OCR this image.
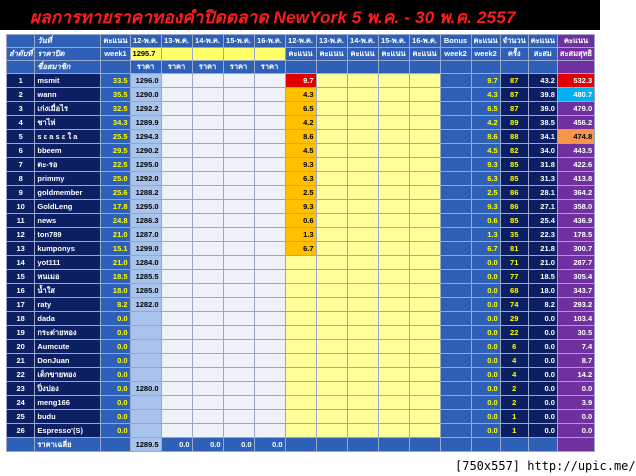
ผลการทายราคาทองคำปิดตลาด NewYork 5 พ.ค. - 30 พ.ค. 2557
	วันที่	คะแนน	12-พ.ค.	13-พ.ค.	14-พ.ค.	15-พ.ค.	16-พ.ค.	12-พ.ค.	13-พ.ค.	14-พ.ค.	15-พ.ค.	16-พ.ค.	Bonus	คะแนน	จำนวน	คะแนน	คะแนน
ลำดับที่	ราคาปิด	week1	1295.7					คะแนน	คะแนน	คะแนน	คะแนน	คะแนน	week2	week2	ครั้ง	สะสม	สะสมสุทธิ
	ชื่อสมาชิก		ราคา	ราคา	ราคา	ราคา	ราคา										
1	msmit	33.5	1296.0					9.7						9.7	87	43.2	532.3
2	wann	35.5	1290.0					4.3						4.3	87	39.8	480.7
3	เก่งเมื่อไร	32.5	1292.2					6.5						6.5	87	39.0	479.0
4	ชาไห่	34.3	1289.9					4.2						4.2	89	38.5	456.2
5	s ε a s ε ใ a	25.5	1294.3					8.6						8.6	88	34.1	474.8
6	bbeem	29.5	1290.2					4.5						4.5	82	34.0	443.5
7	ตะ-รอ	22.5	1295.0					9.3						9.3	85	31.8	422.6
8	primmy	25.0	1292.0					6.3						6.3	85	31.3	413.8
9	goldmember	25.6	1288.2					2.5						2.5	86	28.1	364.2
10	GoldLeng	17.8	1295.0					9.3						9.3	86	27.1	358.0
11	news	24.8	1286.3					0.6						0.6	85	25.4	436.9
12	ton789	21.0	1287.0					1.3						1.3	35	22.3	178.5
13	kumponys	15.1	1299.0					6.7						6.7	81	21.8	300.7
14	yot111	21.0	1284.0											0.0	71	21.0	287.7
15	หนเมอ	18.5	1285.5											0.0	77	18.5	305.4
16	น้ำใส	18.0	1285.0											0.0	68	18.0	343.7
17	raty	8.2	1282.0											0.0	74	8.2	293.2
18	dada	0.0												0.0	29	0.0	103.4
19	กระต่ายทอง	0.0												0.0	22	0.0	30.5
20	Aumcute	0.0												0.0	6	0.0	7.4
21	DonJuan	0.0												0.0	4	0.0	8.7
22	เด็กขายทอง	0.0												0.0	4	0.0	14.2
23	ปิ่งปอง	0.0	1280.0											0.0	2	0.0	0.0
24	meng166	0.0												0.0	2	0.0	3.9
25	budu	0.0												0.0	1	0.0	0.0
26	Espresso'(S)	0.0												0.0	1	0.0	0.0
	ราคาเฉลี่ย		1289.5	0.0	0.0	0.0	0.0										
[750x557] http://upic.me/
